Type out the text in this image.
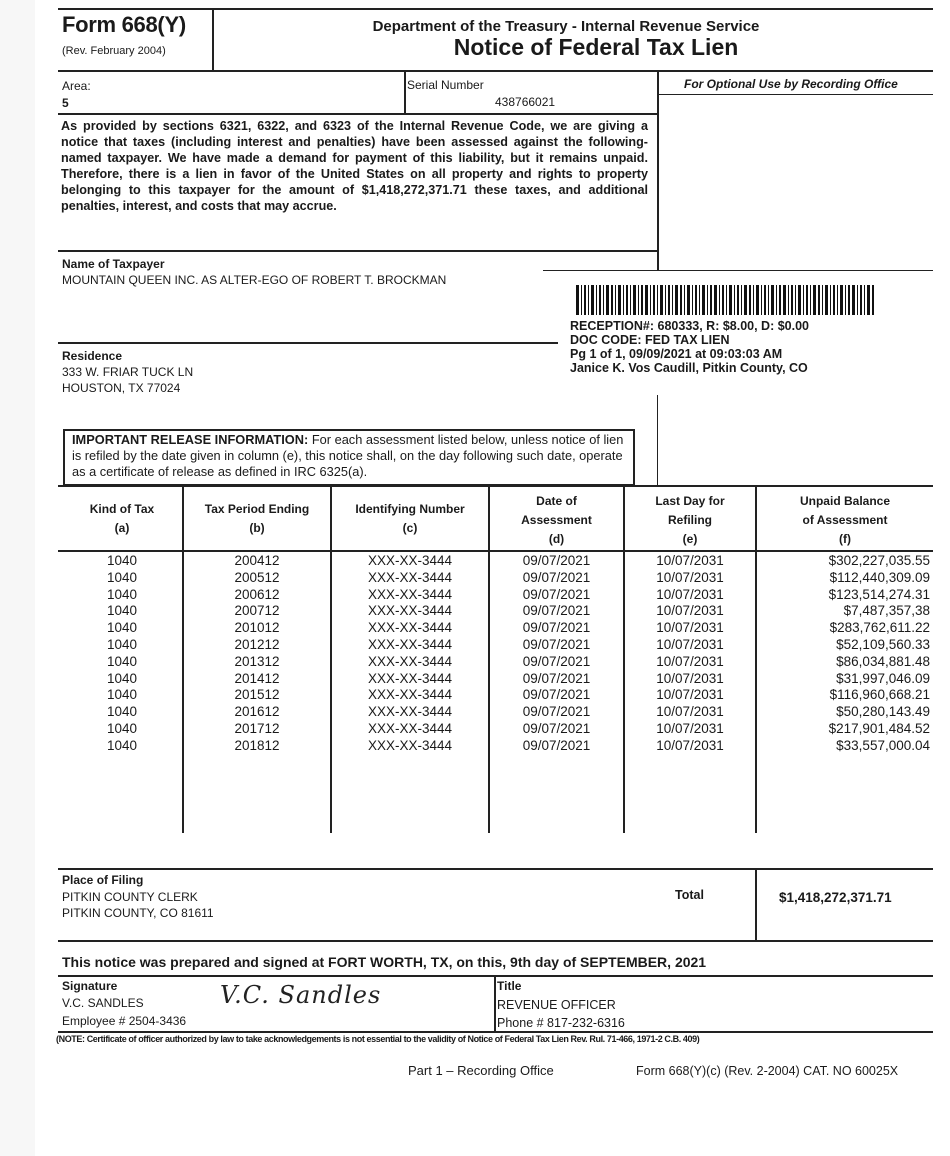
Form 668(Y)
(Rev. February 2004)
Department of the Treasury - Internal Revenue Service
Notice of Federal Tax Lien
Area:
5
Serial Number
438766021
For Optional Use by Recording Office
As provided by sections 6321, 6322, and 6323 of the Internal Revenue Code, we are giving a notice that taxes (including interest and penalties) have been assessed against the following-named taxpayer. We have made a demand for payment of this liability, but it remains unpaid. Therefore, there is a lien in favor of the United States on all property and rights to property belonging to this taxpayer for the amount of $1,418,272,371.71 these taxes, and additional penalties, interest, and costs that may accrue.
Name of Taxpayer
MOUNTAIN QUEEN INC. AS ALTER-EGO OF ROBERT T. BROCKMAN
RECEPTION#: 680333, R: $8.00, D: $0.00
DOC CODE: FED TAX LIEN
Pg 1 of 1, 09/09/2021 at 09:03:03 AM
Janice K. Vos Caudill, Pitkin County, CO
Residence
333 W. FRIAR TUCK LN
HOUSTON, TX 77024
IMPORTANT RELEASE INFORMATION: For each assessment listed below, unless notice of lien is refiled by the date given in column (e), this notice shall, on the day following such date, operate as a certificate of release as defined in IRC 6325(a).
Kind of Tax
(a)
Tax Period Ending
(b)
Identifying Number
(c)
Date of
Assessment
(d)
Last Day for
Refiling
(e)
Unpaid Balance
of Assessment
(f)
1040	200412	XXX-XX-3444	09/07/2021	10/07/2031	$302,227,035.55
1040	200512	XXX-XX-3444	09/07/2021	10/07/2031	$112,440,309.09
1040	200612	XXX-XX-3444	09/07/2021	10/07/2031	$123,514,274.31
1040	200712	XXX-XX-3444	09/07/2021	10/07/2031	$7,487,357,38
1040	201012	XXX-XX-3444	09/07/2021	10/07/2031	$283,762,611.22
1040	201212	XXX-XX-3444	09/07/2021	10/07/2031	$52,109,560.33
1040	201312	XXX-XX-3444	09/07/2021	10/07/2031	$86,034,881.48
1040	201412	XXX-XX-3444	09/07/2021	10/07/2031	$31,997,046.09
1040	201512	XXX-XX-3444	09/07/2021	10/07/2031	$116,960,668.21
1040	201612	XXX-XX-3444	09/07/2021	10/07/2031	$50,280,143.49
1040	201712	XXX-XX-3444	09/07/2021	10/07/2031	$217,901,484.52
1040	201812	XXX-XX-3444	09/07/2021	10/07/2031	$33,557,000.04
Place of Filing
PITKIN COUNTY CLERK
PITKIN COUNTY, CO 81611
Total	$1,418,272,371.71
This notice was prepared and signed at FORT WORTH, TX, on this, 9th day of SEPTEMBER, 2021
Signature
V.C. SANDLES
Employee # 2504-3436
V.C. Sandles	Title
REVENUE OFFICER
Phone # 817-232-6316
(NOTE: Certificate of officer authorized by law to take acknowledgements is not essential to the validity of Notice of Federal Tax Lien Rev. Rul. 71-466, 1971-2 C.B. 409)
Part 1 – Recording Office	Form 668(Y)(c) (Rev. 2-2004) CAT. NO 60025X
